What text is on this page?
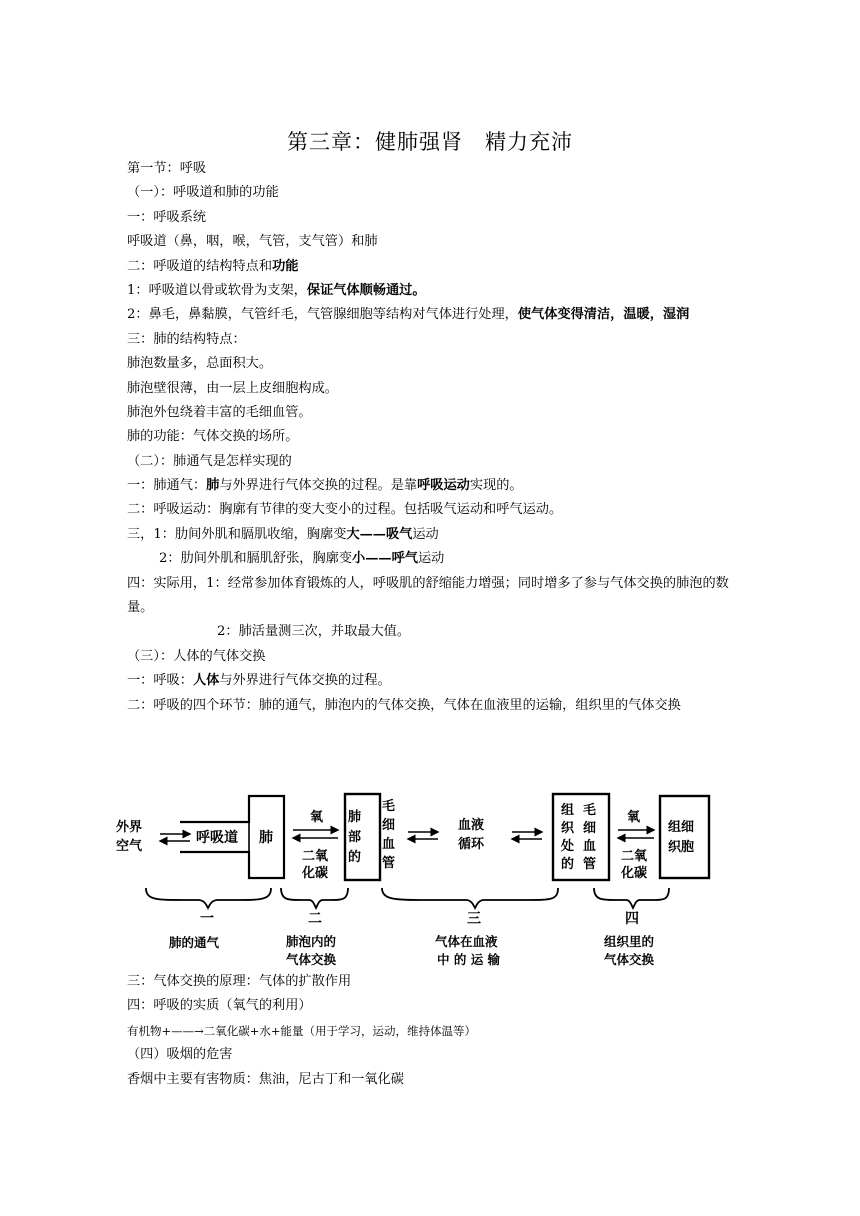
第三章：健肺强肾　精力充沛
第一节：呼吸
（一）：呼吸道和肺的功能
一：呼吸系统
呼吸道（鼻，咽，喉，气管，支气管）和肺
二：呼吸道的结构特点和功能
1：呼吸道以骨或软骨为支架，保证气体顺畅通过。
2：鼻毛，鼻黏膜，气管纤毛，气管腺细胞等结构对气体进行处理，使气体变得清洁，温暖，湿润
三：肺的结构特点：
肺泡数量多，总面积大。
肺泡壁很薄，由一层上皮细胞构成。
肺泡外包绕着丰富的毛细血管。
肺的功能：气体交换的场所。
（二）：肺通气是怎样实现的
一：肺通气：肺与外界进行气体交换的过程。是靠呼吸运动实现的。
二：呼吸运动：胸廓有节律的变大变小的过程。包括吸气运动和呼气运动。
三，1：肋间外肌和膈肌收缩，胸廓变大——吸气运动
2：肋间外肌和膈肌舒张，胸廓变小——呼气运动
四：实际用，1：经常参加体育锻炼的人，呼吸肌的舒缩能力增强；同时增多了参与气体交换的肺泡的数量。
2：肺活量测三次，并取最大值。
（三）：人体的气体交换
一：呼吸：人体与外界进行气体交换的过程。
二：呼吸的四个环节：肺的通气，肺泡内的气体交换，气体在血液里的运输，组织里的气体交换
外界
空气
呼吸道 肺
氧
二氧
化碳
肺
部
的
毛
细
血
管
血液
循环
组
织
处
的
毛
细
血
管
氧
二氧
化碳
组细
织胞
一	二	三	四
肺的通气	肺泡内的
气体交换
气体在血液
中 的 运 输
组织里的
气体交换
三：气体交换的原理：气体的扩散作用
四：呼吸的实质（氧气的利用）
有机物+——→二氧化碳+水+能量（用于学习，运动，维持体温等）
（四）吸烟的危害
香烟中主要有害物质：焦油，尼古丁和一氧化碳
